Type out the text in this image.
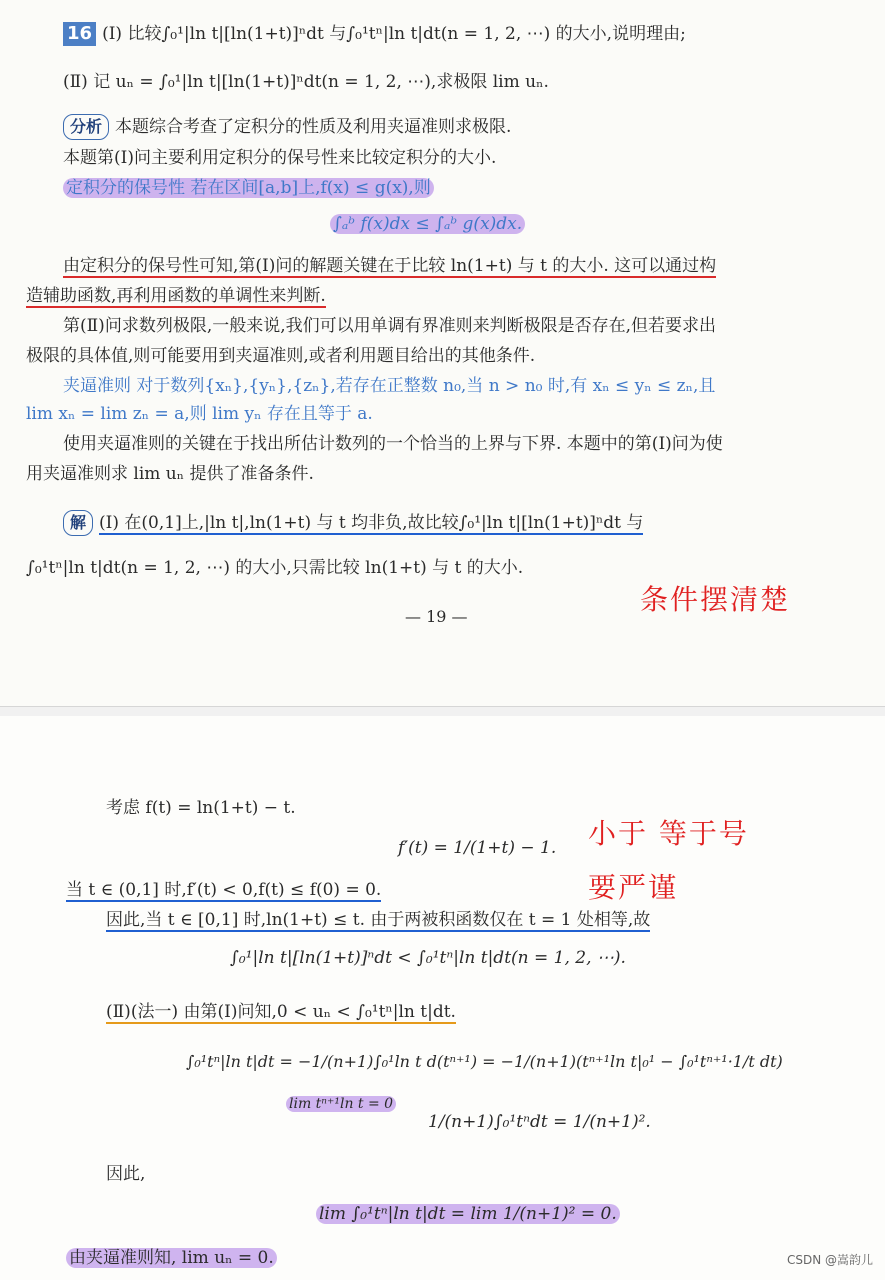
16 (Ⅰ) 比较∫₀¹|ln t|[ln(1+t)]ⁿdt 与∫₀¹tⁿ|ln t|dt(n = 1, 2, ⋯) 的大小,说明理由;
(Ⅱ) 记 uₙ = ∫₀¹|ln t|[ln(1+t)]ⁿdt(n = 1, 2, ⋯),求极限 lim uₙ.
分析 本题综合考查了定积分的性质及利用夹逼准则求极限.
本题第(Ⅰ)问主要利用定积分的保号性来比较定积分的大小.
定积分的保号性 若在区间[a,b]上,f(x) ≤ g(x),则
∫ₐᵇ f(x)dx ≤ ∫ₐᵇ g(x)dx.
由定积分的保号性可知,第(Ⅰ)问的解题关键在于比较 ln(1+t) 与 t 的大小. 这可以通过构
造辅助函数,再利用函数的单调性来判断.
第(Ⅱ)问求数列极限,一般来说,我们可以用单调有界准则来判断极限是否存在,但若要求出
极限的具体值,则可能要用到夹逼准则,或者利用题目给出的其他条件.
夹逼准则 对于数列{xₙ},{yₙ},{zₙ},若存在正整数 n₀,当 n > n₀ 时,有 xₙ ≤ yₙ ≤ zₙ,且
lim xₙ = lim zₙ = a,则 lim yₙ 存在且等于 a.
使用夹逼准则的关键在于找出所估计数列的一个恰当的上界与下界. 本题中的第(Ⅰ)问为使
用夹逼准则求 lim uₙ 提供了准备条件.
解 (Ⅰ) 在(0,1]上,|ln t|,ln(1+t) 与 t 均非负,故比较∫₀¹|ln t|[ln(1+t)]ⁿdt 与
∫₀¹tⁿ|ln t|dt(n = 1, 2, ⋯) 的大小,只需比较 ln(1+t) 与 t 的大小.
条件摆清楚
— 19 —
考虑 f(t) = ln(1+t) − t.
f′(t) = 1/(1+t) − 1.
当 t ∈ (0,1] 时,f′(t) < 0,f(t) ≤ f(0) = 0.
因此,当 t ∈ [0,1] 时,ln(1+t) ≤ t. 由于两被积函数仅在 t = 1 处相等,故
∫₀¹|ln t|[ln(1+t)]ⁿdt < ∫₀¹tⁿ|ln t|dt(n = 1, 2, ⋯).
(Ⅱ)(法一) 由第(Ⅰ)问知,0 < uₙ < ∫₀¹tⁿ|ln t|dt.
∫₀¹tⁿ|ln t|dt = −1/(n+1)∫₀¹ln t d(tⁿ⁺¹) = −1/(n+1)(tⁿ⁺¹ln t|₀¹ − ∫₀¹tⁿ⁺¹·1/t dt)
lim tⁿ⁺¹ln t = 0
1/(n+1)∫₀¹tⁿdt = 1/(n+1)².
因此,
lim ∫₀¹tⁿ|ln t|dt = lim 1/(n+1)² = 0.
由夹逼准则知, lim uₙ = 0.
小于 等于号
要严谨
CSDN @嵩韵儿
